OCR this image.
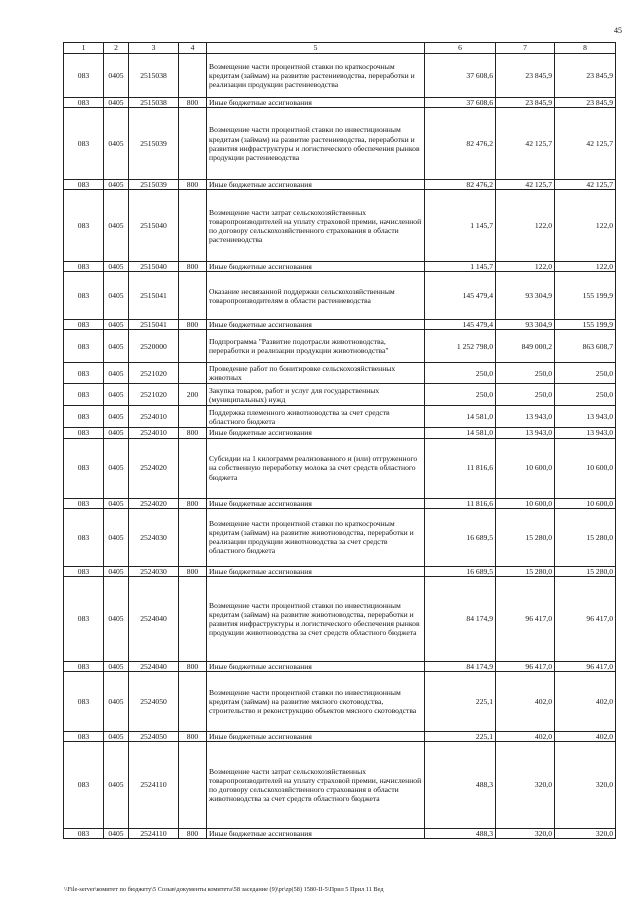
45
1	2	3	4	5	6	7	8
083	0405	2515038		Возмещение части процентной ставки по краткосрочным кредитам (займам) на развитие растениеводства, переработки и реализации продукции растениеводства	37 608,6	23 845,9	23 845,9
083	0405	2515038	800	Иные бюджетные ассигнования	37 608,6	23 845,9	23 845,9
083	0405	2515039		Возмещение части процентной ставки по инвестиционным кредитам (займам) на развитие растениеводства, переработки и развития инфраструктуры и логистического обеспечения рынков продукции растениеводства	82 476,2	42 125,7	42 125,7
083	0405	2515039	800	Иные бюджетные ассигнования	82 476,2	42 125,7	42 125,7
083	0405	2515040		Возмещение части затрат сельскохозяйственных товаропроизводителей на уплату страховой премии, начисленной по договору сельскохозяйственного страхования в области растениеводства	1 145,7	122,0	122,0
083	0405	2515040	800	Иные бюджетные ассигнования	1 145,7	122,0	122,0
083	0405	2515041		Оказание несвязанной поддержки сельскохозяйственным товаропроизводителям в области растениеводства	145 479,4	93 304,9	155 199,9
083	0405	2515041	800	Иные бюджетные ассигнования	145 479,4	93 304,9	155 199,9
083	0405	2520000		Подпрограмма "Развитие подотрасли животноводства, переработки и реализации продукции животноводства"	1 252 798,0	849 000,2	863 608,7
083	0405	2521020		Проведение работ по бонитировке сельскохозяйственных животных	250,0	250,0	250,0
083	0405	2521020	200	Закупка товаров, работ и услуг для государственных (муниципальных) нужд	250,0	250,0	250,0
083	0405	2524010		Поддержка племенного животноводства за счет средств областного бюджета	14 581,0	13 943,0	13 943,0
083	0405	2524010	800	Иные бюджетные ассигнования	14 581,0	13 943,0	13 943,0
083	0405	2524020		Субсидии на 1 килограмм реализованного и (или) отгруженного на собственную переработку молока за счет средств областного бюджета	11 816,6	10 600,0	10 600,0
083	0405	2524020	800	Иные бюджетные ассигнования	11 816,6	10 600,0	10 600,0
083	0405	2524030		Возмещение части процентной ставки по краткосрочным кредитам (займам) на развитие животноводства, переработки и реализации продукции животноводства за счет средств областного бюджета	16 689,5	15 280,0	15 280,0
083	0405	2524030	800	Иные бюджетные ассигнования	16 689,5	15 280,0	15 280,0
083	0405	2524040		Возмещение части процентной ставки по инвестиционным кредитам (займам) на развитие животноводства, переработки и развития инфраструктуры и логистического обеспечения рынков продукции животноводства за счет средств областного бюджета	84 174,9	96 417,0	96 417,0
083	0405	2524040	800	Иные бюджетные ассигнования	84 174,9	96 417,0	96 417,0
083	0405	2524050		Возмещение части процентной ставки по инвестиционным кредитам (займам) на развитие мясного скотоводства, строительство и реконструкцию объектов мясного скотоводства	225,1	402,0	402,0
083	0405	2524050	800	Иные бюджетные ассигнования	225,1	402,0	402,0
083	0405	2524110		Возмещение части затрат сельскохозяйственных товаропроизводителей на уплату страховой премии, начисленной по договору сельскохозяйственного страхования в области животноводства за счет средств областного бюджета	488,3	320,0	320,0
083	0405	2524110	800	Иные бюджетные ассигнования	488,3	320,0	320,0
\\File-server\комитет по бюджету\5 Созыв\документы комитета\58 заседание (9)\pr\zp(58) 1580-II-5\Прил 5 Прил 11 Вед
